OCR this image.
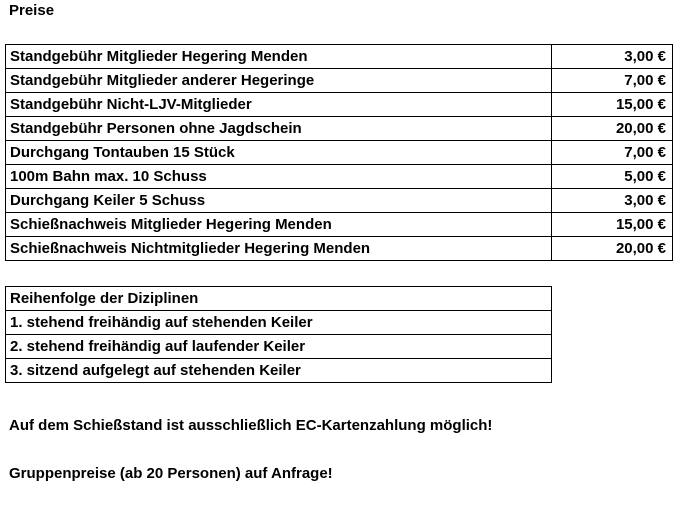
Preise
Standgebühr Mitglieder Hegering Menden	3,00 €
Standgebühr Mitglieder anderer Hegeringe	7,00 €
Standgebühr Nicht-LJV-Mitglieder	15,00 €
Standgebühr Personen ohne Jagdschein	20,00 €
Durchgang Tontauben 15 Stück	7,00 €
100m Bahn max. 10 Schuss	5,00 €
Durchgang Keiler 5 Schuss	3,00 €
Schießnachweis Mitglieder Hegering Menden	15,00 €
Schießnachweis Nichtmitglieder Hegering Menden	20,00 €
Reihenfolge der Diziplinen
1. stehend freihändig auf stehenden Keiler
2. stehend freihändig auf laufender Keiler
3. sitzend aufgelegt auf stehenden Keiler
Auf dem Schießstand ist ausschließlich EC-Kartenzahlung möglich!
Gruppenpreise (ab 20 Personen) auf Anfrage!
